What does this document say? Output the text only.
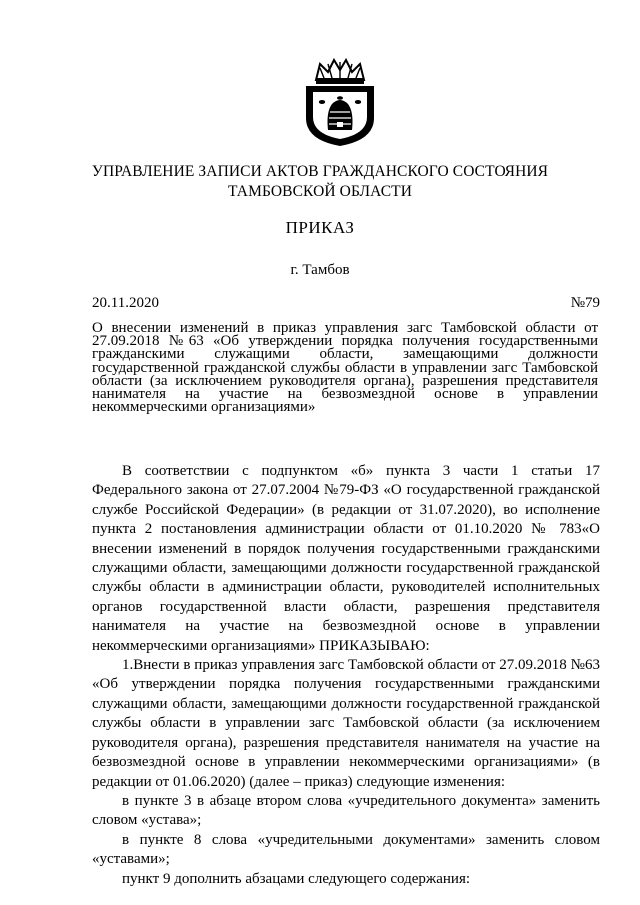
УПРАВЛЕНИЕ ЗАПИСИ АКТОВ ГРАЖДАНСКОГО СОСТОЯНИЯ
ТАМБОВСКОЙ ОБЛАСТИ
ПРИКАЗ
г. Тамбов
20.11.2020	№79
О внесении изменений в приказ управления загс Тамбовской области от 27.09.2018 №63 «Об утверждении порядка получения государственными гражданскими служащими области, замещающими должности государственной гражданской службы области в управлении загс Тамбовской области (за исключением руководителя органа), разрешения представителя нанимателя на участие на безвозмездной основе в управлении некоммерческими организациями»

В соответствии с подпунктом «б» пункта 3 части 1 статьи 17 Федерального закона от 27.07.2004 №79-ФЗ «О государственной гражданской службе Российской Федерации» (в редакции от 31.07.2020), во исполнение пункта 2 постановления администрации области от 01.10.2020 № 783«О внесении изменений в порядок получения государственными гражданскими служащими области, замещающими должности государственной гражданской службы области в администрации области, руководителей исполнительных органов государственной власти области, разрешения представителя нанимателя на участие на безвозмездной основе в управлении некоммерческими организациями» ПРИКАЗЫВАЮ:

1.Внести в приказ управления загс Тамбовской области от 27.09.2018 №63 «Об утверждении порядка получения государственными гражданскими служащими области, замещающими должности государственной гражданской службы области в управлении загс Тамбовской области (за исключением руководителя органа), разрешения представителя нанимателя на участие на безвозмездной основе в управлении некоммерческими организациями» (в редакции от 01.06.2020) (далее – приказ) следующие изменения:

в пункте 3 в абзаце втором слова «учредительного документа» заменить словом «устава»;

в пункте 8 слова «учредительными документами» заменить словом «уставами»;

пункт 9 дополнить абзацами следующего содержания:
